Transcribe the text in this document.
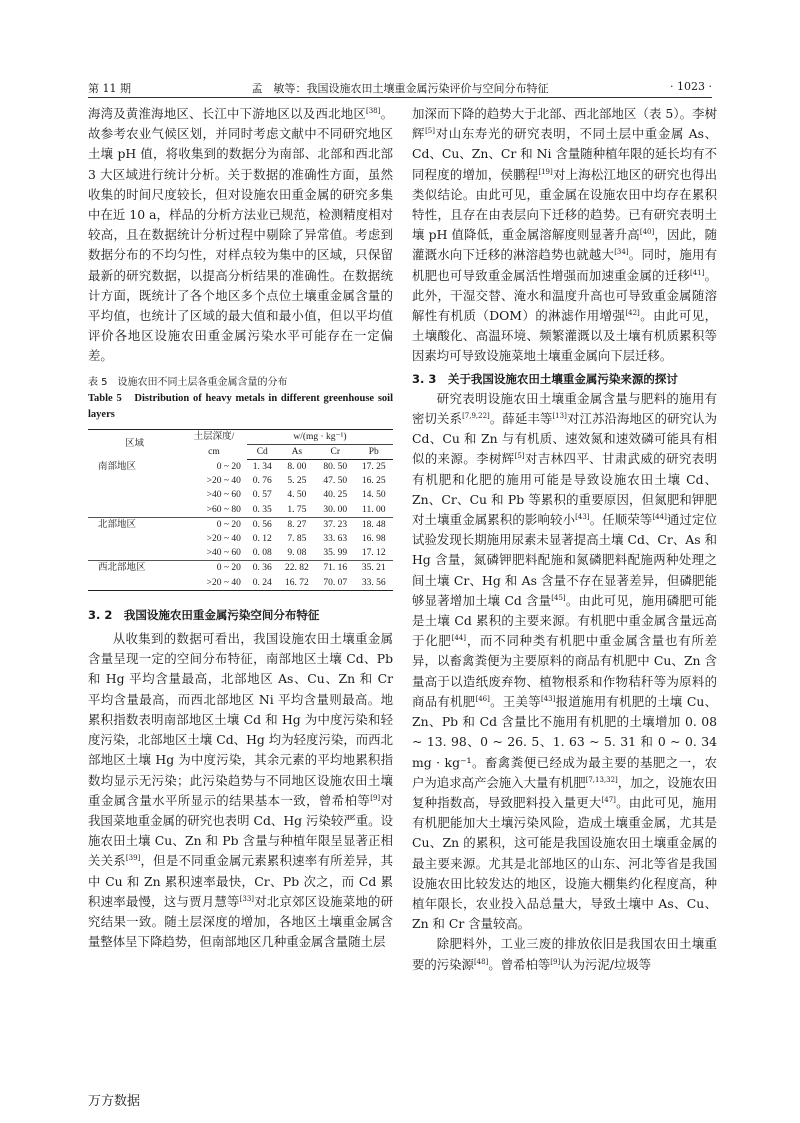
第 11 期	孟　敏等：我国设施农田土壤重金属污染评价与空间分布特征	· 1023 ·

海湾及黄淮海地区、长江中下游地区以及西北地区[38]。故参考农业气候区划，并同时考虑文献中不同研究地区土壤 pH 值，将收集到的数据分为南部、北部和西北部 3 大区域进行统计分析。关于数据的准确性方面，虽然收集的时间尺度较长，但对设施农田重金属的研究多集中在近 10 a，样品的分析方法业已规范，检测精度相对较高，且在数据统计分析过程中剔除了异常值。考虑到数据分布的不均匀性，对样点较为集中的区域，只保留最新的研究数据，以提高分析结果的准确性。在数据统计方面，既统计了各个地区多个点位土壤重金属含量的平均值，也统计了区域的最大值和最小值，但以平均值评价各地区设施农田重金属污染水平可能存在一定偏差。

表 5　设施农田不同土层各重金属含量的分布
Table 5　Distribution of heavy metals in different greenhouse soil layers
区域	土层深度/
cm	w/(mg · kg⁻¹)			
		Cd	As	Cr	Pb
南部地区	0 ~ 20	1. 34	8. 00	80. 50	17. 25
	>20 ~ 40	0. 76	5. 25	47. 50	16. 25
	>40 ~ 60	0. 57	4. 50	40. 25	14. 50
	>60 ~ 80	0. 35	1. 75	30. 00	11. 00
北部地区	0 ~ 20	0. 56	8. 27	37. 23	18. 48
	>20 ~ 40	0. 12	7. 85	33. 63	16. 98
	>40 ~ 60	0. 08	9. 08	35. 99	17. 12
西北部地区	0 ~ 20	0. 36	22. 82	71. 16	35. 21
	>20 ~ 40	0. 24	16. 72	70. 07	33. 56

3. 2　我国设施农田重金属污染空间分布特征

从收集到的数据可看出，我国设施农田土壤重金属含量呈现一定的空间分布特征，南部地区土壤 Cd、Pb 和 Hg 平均含量最高，北部地区 As、Cu、Zn 和 Cr 平均含量最高，而西北部地区 Ni 平均含量则最高。地累积指数表明南部地区土壤 Cd 和 Hg 为中度污染和轻度污染，北部地区土壤 Cd、Hg 均为轻度污染，而西北部地区土壤 Hg 为中度污染，其余元素的平均地累积指数均显示无污染；此污染趋势与不同地区设施农田土壤重金属含量水平所显示的结果基本一致，曾希柏等[9]对我国菜地重金属的研究也表明 Cd、Hg 污染较严重。设施农田土壤 Cu、Zn 和 Pb 含量与种植年限呈显著正相关关系[39]，但是不同重金属元素累积速率有所差异，其中 Cu 和 Zn 累积速率最快，Cr、Pb 次之，而 Cd 累积速率最慢，这与贾月慧等[33]对北京郊区设施菜地的研究结果一致。随土层深度的增加，各地区土壤重金属含量整体呈下降趋势，但南部地区几种重金属含量随土层

加深而下降的趋势大于北部、西北部地区（表 5）。李树辉[5]对山东寿光的研究表明，不同土层中重金属 As、Cd、Cu、Zn、Cr 和 Ni 含量随种植年限的延长均有不同程度的增加，侯鹏程[19]对上海松江地区的研究也得出类似结论。由此可见，重金属在设施农田中均存在累积特性，且存在由表层向下迁移的趋势。已有研究表明土壤 pH 值降低，重金属溶解度则显著升高[40]，因此，随灌溉水向下迁移的淋溶趋势也就越大[34]。同时，施用有机肥也可导致重金属活性增强而加速重金属的迁移[41]。此外，干湿交替、淹水和温度升高也可导致重金属随溶解性有机质（DOM）的淋滤作用增强[42]。由此可见，土壤酸化、高温环境、频繁灌溉以及土壤有机质累积等因素均可导致设施菜地土壤重金属向下层迁移。

3. 3　关于我国设施农田土壤重金属污染来源的探讨

研究表明设施农田土壤重金属含量与肥料的施用有密切关系[7,9,22]。薛延丰等[13]对江苏沿海地区的研究认为 Cd、Cu 和 Zn 与有机质、速效氮和速效磷可能具有相似的来源。李树辉[5]对吉林四平、甘肃武威的研究表明有机肥和化肥的施用可能是导致设施农田土壤 Cd、Zn、Cr、Cu 和 Pb 等累积的重要原因，但氮肥和钾肥对土壤重金属累积的影响较小[43]。任顺荣等[44]通过定位试验发现长期施用尿素未显著提高土壤 Cd、Cr、As 和 Hg 含量，氮磷钾肥料配施和氮磷肥料配施两种处理之间土壤 Cr、Hg 和 As 含量不存在显著差异，但磷肥能够显著增加土壤 Cd 含量[45]。由此可见，施用磷肥可能是土壤 Cd 累积的主要来源。有机肥中重金属含量远高于化肥[44]，而不同种类有机肥中重金属含量也有所差异，以畜禽粪便为主要原料的商品有机肥中 Cu、Zn 含量高于以造纸废弃物、植物根系和作物秸秆等为原料的商品有机肥[46]。王美等[43]报道施用有机肥的土壤 Cu、Zn、Pb 和 Cd 含量比不施用有机肥的土壤增加 0. 08 ~ 13. 98、0 ~ 26. 5、1. 63 ~ 5. 31 和 0 ~ 0. 34 mg · kg⁻¹。畜禽粪便已经成为最主要的基肥之一，农户为追求高产会施入大量有机肥[7,13,32]，加之，设施农田复种指数高，导致肥料投入量更大[47]。由此可见，施用有机肥能加大土壤污染风险，造成土壤重金属，尤其是 Cu、Zn 的累积，这可能是我国设施农田土壤重金属的最主要来源。尤其是北部地区的山东、河北等省是我国设施农田比较发达的地区，设施大棚集约化程度高，种植年限长，农业投入品总量大，导致土壤中 As、Cu、Zn 和 Cr 含量较高。

除肥料外，工业三废的排放依旧是我国农田土壤重要的污染源[48]。曾希柏等[9]认为污泥/垃圾等

万方数据
